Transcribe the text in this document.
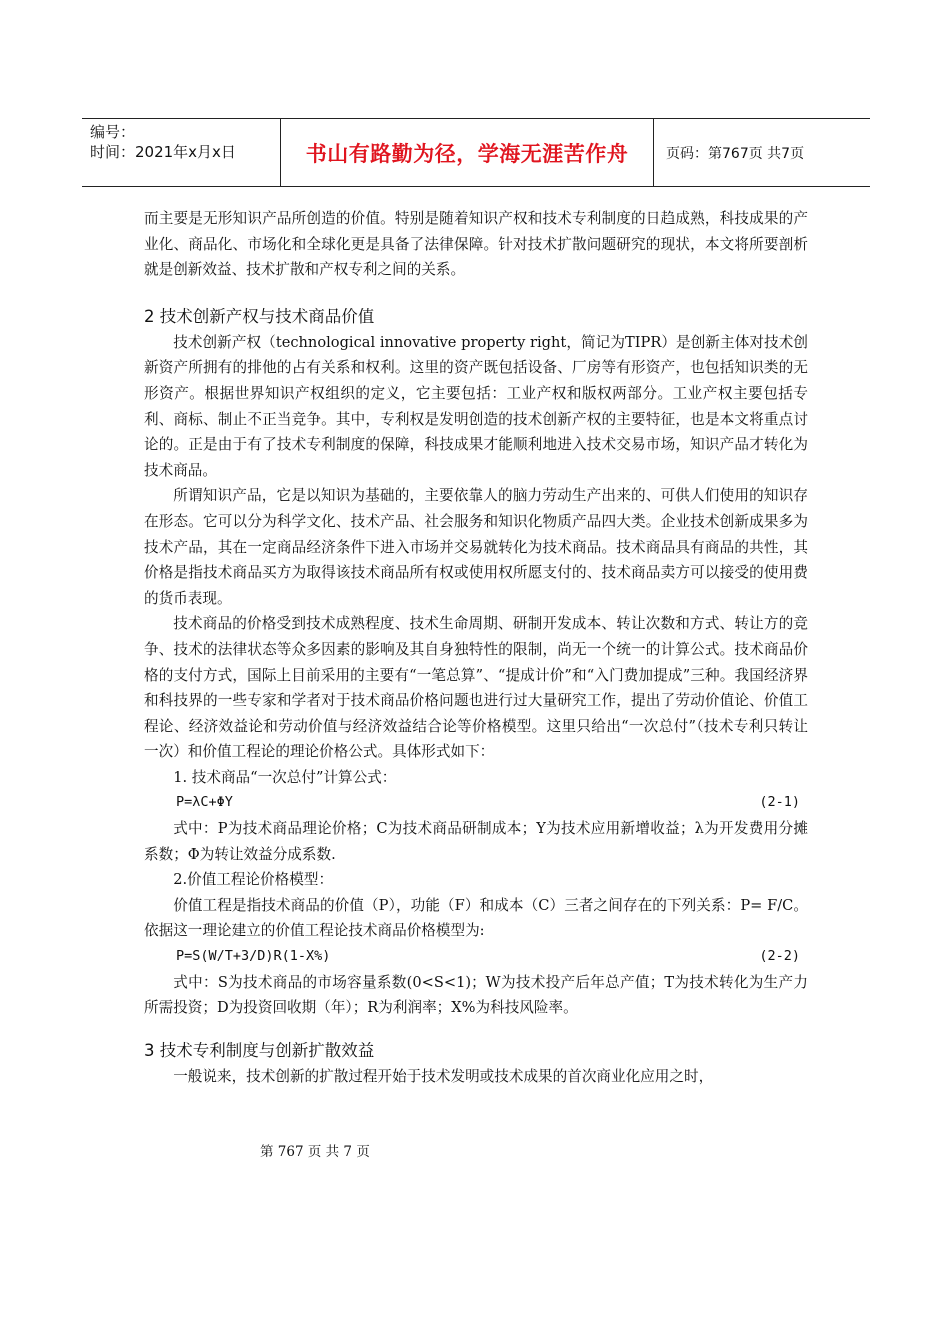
编号：
时间：2021年x月x日	书山有路勤为径，学海无涯苦作舟	页码：第767页 共7页

而主要是无形知识产品所创造的价值。特别是随着知识产权和技术专利制度的日趋成熟，科技成果的产业化、商品化、市场化和全球化更是具备了法律保障。针对技术扩散问题研究的现状，本文将所要剖析就是创新效益、技术扩散和产权专利之间的关系。

2 技术创新产权与技术商品价值

技术创新产权（technological innovative property right，简记为TIPR）是创新主体对技术创新资产所拥有的排他的占有关系和权利。这里的资产既包括设备、厂房等有形资产，也包括知识类的无形资产。根据世界知识产权组织的定义，它主要包括：工业产权和版权两部分。工业产权主要包括专利、商标、制止不正当竞争。其中，专利权是发明创造的技术创新产权的主要特征，也是本文将重点讨论的。正是由于有了技术专利制度的保障，科技成果才能顺利地进入技术交易市场，知识产品才转化为技术商品。

所谓知识产品，它是以知识为基础的，主要依靠人的脑力劳动生产出来的、可供人们使用的知识存在形态。它可以分为科学文化、技术产品、社会服务和知识化物质产品四大类。企业技术创新成果多为技术产品，其在一定商品经济条件下进入市场并交易就转化为技术商品。技术商品具有商品的共性，其价格是指技术商品买方为取得该技术商品所有权或使用权所愿支付的、技术商品卖方可以接受的使用费的货币表现。

技术商品的价格受到技术成熟程度、技术生命周期、研制开发成本、转让次数和方式、转让方的竞争、技术的法律状态等众多因素的影响及其自身独特性的限制，尚无一个统一的计算公式。技术商品价格的支付方式，国际上目前采用的主要有“一笔总算”、“提成计价”和“入门费加提成”三种。我国经济界和科技界的一些专家和学者对于技术商品价格问题也进行过大量研究工作，提出了劳动价值论、价值工程论、经济效益论和劳动价值与经济效益结合论等价格模型。这里只给出“一次总付”（技术专利只转让一次）和价值工程论的理论价格公式。具体形式如下：

1. 技术商品“一次总付”计算公式：

P=λC+ΦY	(2-1)

式中：P为技术商品理论价格；C为技术商品研制成本；Y为技术应用新增收益；λ为开发费用分摊系数；Φ为转让效益分成系数.

2.价值工程论价格模型：

价值工程是指技术商品的价值（P），功能（F）和成本（C）三者之间存在的下列关系：P= F/C。依据这一理论建立的价值工程论技术商品价格模型为:

P=S(W/T+3/D)R(1-X%)	(2-2)

式中：S为技术商品的市场容量系数(0<S<1)；W为技术投产后年总产值；T为技术转化为生产力所需投资；D为投资回收期（年）；R为利润率；X%为科技风险率。

3 技术专利制度与创新扩散效益

一般说来，技术创新的扩散过程开始于技术发明或技术成果的首次商业化应用之时，

第 767 页 共 7 页
